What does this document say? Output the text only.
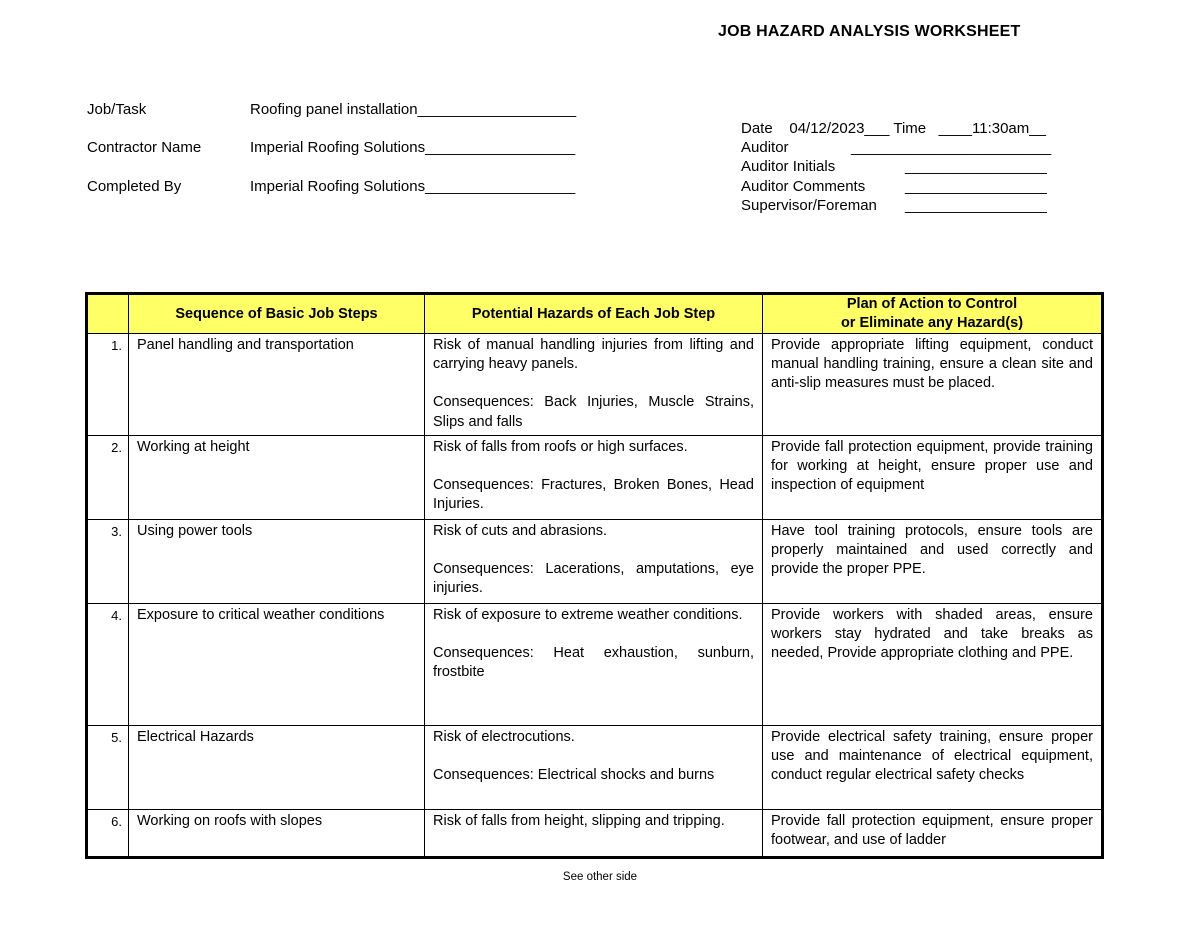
JOB HAZARD ANALYSIS WORKSHEET
Job/Task	Roofing panel installation___________________
Contractor Name	Imperial Roofing Solutions__________________
Completed By	Imperial Roofing Solutions__________________
Date    04/12/2023___ Time   ____11:30am__
Auditor	________________________
Auditor Initials	_________________
Auditor Comments	_________________
Supervisor/Foreman _________________
	Sequence of Basic Job Steps	Potential Hazards of Each Job Step	Plan of Action to Control
or Eliminate any Hazard(s)

1.	Panel handling and transportation	Risk of manual handling injuries from lifting and carrying heavy panels.
Consequences: Back Injuries, Muscle Strains, Slips and falls	Provide appropriate lifting equipment, conduct manual handling training, ensure a clean site and anti-slip measures must be placed.
2.	Working at height	Risk of falls from roofs or high surfaces.
Consequences: Fractures, Broken Bones, Head Injuries.	Provide fall protection equipment, provide training for working at height, ensure proper use and inspection of equipment
3.	Using power tools	Risk of cuts and abrasions.
Consequences: Lacerations, amputations, eye injuries.	Have tool training protocols, ensure tools are properly maintained and used correctly and provide the proper PPE.
4.	Exposure to critical weather conditions	Risk of exposure to extreme weather conditions.
Consequences: Heat exhaustion, sunburn, frostbite	Provide workers with shaded areas, ensure workers stay hydrated and take breaks as needed, Provide appropriate clothing and PPE.
5.	Electrical Hazards	Risk of electrocutions.
Consequences: Electrical shocks and burns	Provide electrical safety training, ensure proper use and maintenance of electrical equipment, conduct regular electrical safety checks
6.	Working on roofs with slopes	Risk of falls from height, slipping and tripping.	Provide fall protection equipment, ensure proper footwear, and use of ladder
See other side
